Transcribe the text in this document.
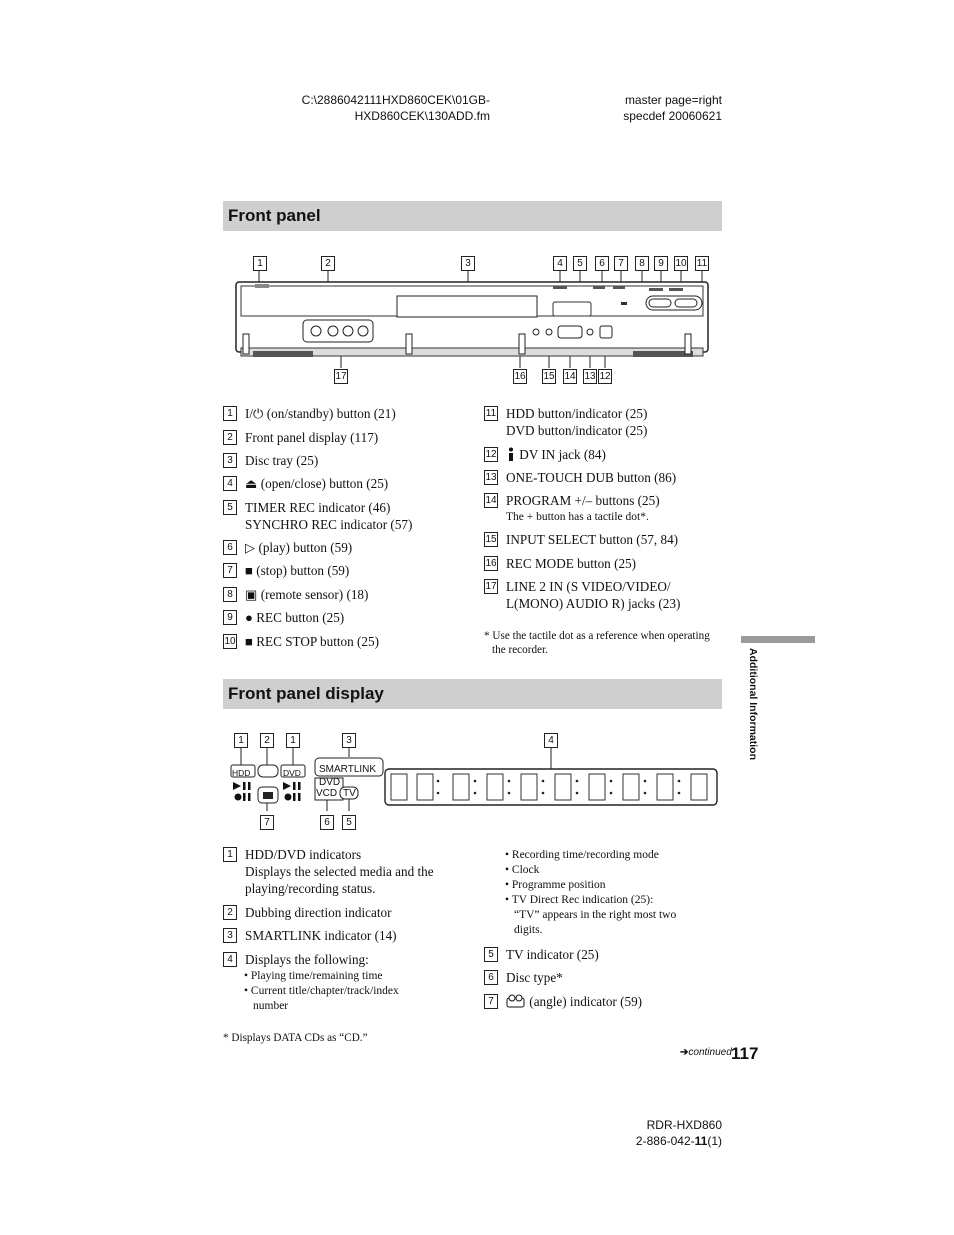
C:\2886042111HXD860CEK\01GB-
HXD860CEK\130ADD.fm
master page=right
specdef 20060621
Front panel
1	2	3	4	5	6	7	8	9	10 11
17	16 15 14 13 12
1 I/⏻ (on/standby) button (21)
2 Front panel display (117)
3 Disc tray (25)
4 ⏏ (open/close) button (25)
5 TIMER REC indicator (46)
SYNCHRO REC indicator (57)
6 ▷ (play) button (59)
7 ■ (stop) button (59)
8 ▣ (remote sensor) (18)
9 ● REC button (25)
10 ■ REC STOP button (25)
11 HDD button/indicator (25)
DVD button/indicator (25)
12	DV IN jack (84)
13 ONE-TOUCH DUB button (86)
14 PROGRAM +/– buttons (25)
The + button has a tactile dot*.
15 INPUT SELECT button (57, 84)
16 REC MODE button (25)
17 LINE 2 IN (S VIDEO/VIDEO/
L(MONO) AUDIO R) jacks (23)
* Use the tactile dot as a reference when operating
the recorder.	Additional Information
Front panel display
1	2	1	3	4
HDD	DVD SMARTLINK
DVD
VCD TV
7	6	5
1 HDD/DVD indicators
Displays the selected media and the
playing/recording status.
2 Dubbing direction indicator
3 SMARTLINK indicator (14)
4 Displays the following:
• Playing time/remaining time
• Current title/chapter/track/index
number
• Recording time/recording mode
• Clock
• Programme position
• TV Direct Rec indication (25):
“TV” appears in the right most two
digits.
5 TV indicator (25)
6 Disc type*
7	(angle) indicator (59)
* Displays DATA CDs as “CD.”
➔continued 117
RDR-HXD860
2-886-042-11(1)
